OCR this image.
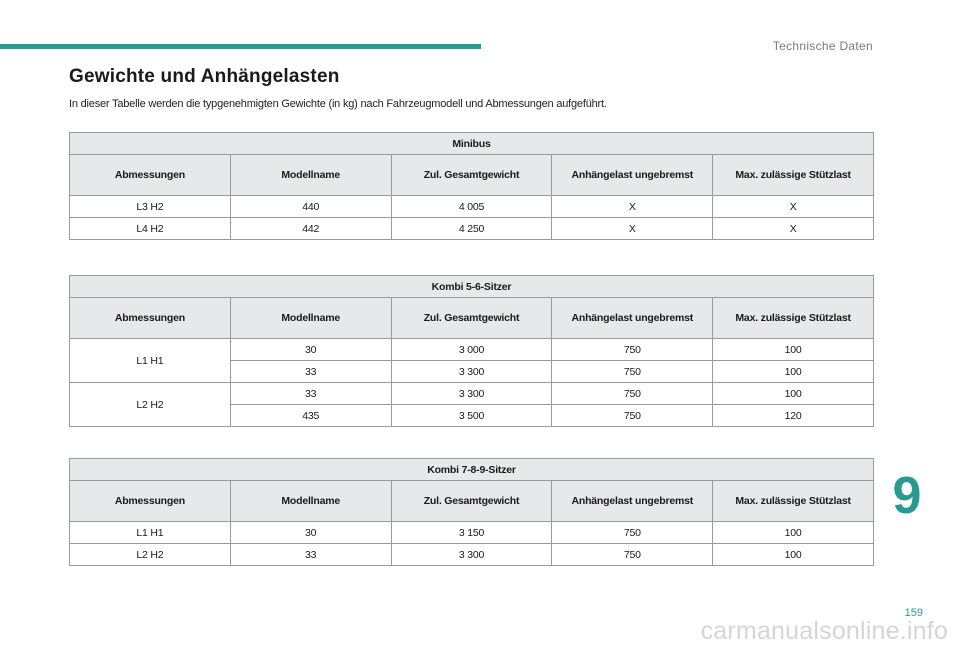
Technische Daten
Gewichte und Anhängelasten

In dieser Tabelle werden die typgenehmigten Gewichte (in kg) nach Fahrzeugmodell und Abmessungen aufgeführt.

Minibus				
Abmessungen	Modellname	Zul. Gesamtgewicht	Anhängelast ungebremst	Max. zulässige Stützlast
L3 H2	440	4 005	X	X
L4 H2	442	4 250	X	X
Kombi 5-6-Sitzer				
Abmessungen	Modellname	Zul. Gesamtgewicht	Anhängelast ungebremst	Max. zulässige Stützlast
L1 H1	30	3 000	750	100
	33	3 300	750	100
L2 H2	33	3 300	750	100
	435	3 500	750	120
Kombi 7-8-9-Sitzer				
Abmessungen	Modellname	Zul. Gesamtgewicht	Anhängelast ungebremst	Max. zulässige Stützlast
L1 H1	30	3 150	750	100
L2 H2	33	3 300	750	100
9
159
carmanualsonline.info
